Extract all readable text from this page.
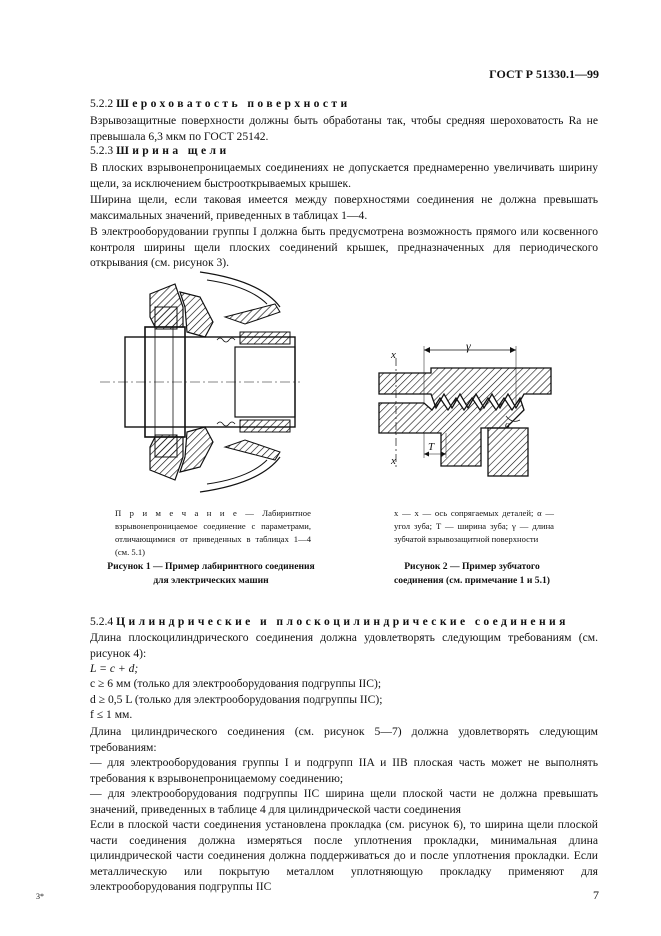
ГОСТ Р 51330.1—99
5.2.2 Шероховатость поверхности

Взрывозащитные поверхности должны быть обработаны так, чтобы средняя шероховатость Ra не превышала 6,3 мкм по ГОСТ 25142.

5.2.3 Ширина щели

В плоских взрывонепроницаемых соединениях не допускается преднамеренно увеличивать ширину щели, за исключением быстрооткрываемых крышек.

Ширина щели, если таковая имеется между поверхностями соединения не должна превышать максимальных значений, приведенных в таблицах 1—4.

В электрооборудовании группы I должна быть предусмотрена возможность прямого или косвенного контроля ширины щели плоских соединений крышек, предназначенных для периодического открывания (см. рисунок 3).

x
x
γ
T
α
П р и м е ч а н и е — Лабиринтное взрывонепроницаемое соединение с параметрами, отличающимися от приведенных в таблицах 1—4 (см. 5.1)
Рисунок 1 — Пример лабиринтного соединения для электрических машин
x — x — ось сопрягаемых деталей; α — угол зуба; T — ширина зуба; γ — длина зубчатой взрывозащитной поверхности
Рисунок 2 — Пример зубчатого соединения (см. примечание 1 и 5.1)
5.2.4 Цилиндрические и плоскоцилиндрические соединения

Длина плоскоцилиндрического соединения должна удовлетворять следующим требованиям (см. рисунок 4):

L = c + d;
c ≥ 6 мм (только для электрооборудования подгруппы IIC);
d ≥ 0,5 L (только для электрооборудования подгруппы IIC);
f ≤ 1 мм.

Длина цилиндрического соединения (см. рисунок 5—7) должна удовлетворять следующим требованиям:

— для электрооборудования группы I и подгрупп IIA и IIB плоская часть может не выполнять требования к взрывонепроницаемому соединению;

— для электрооборудования подгруппы IIC ширина щели плоской части не должна превышать значений, приведенных в таблице 4 для цилиндрической части соединения

Если в плоской части соединения установлена прокладка (см. рисунок 6), то ширина щели плоской части соединения должна измеряться после уплотнения прокладки, минимальная длина цилиндрической части соединения должна поддерживаться до и после уплотнения прокладки. Если металлическую или покрытую металлом уплотняющую прокладку применяют для электрооборудования подгруппы IIC

3*	7
